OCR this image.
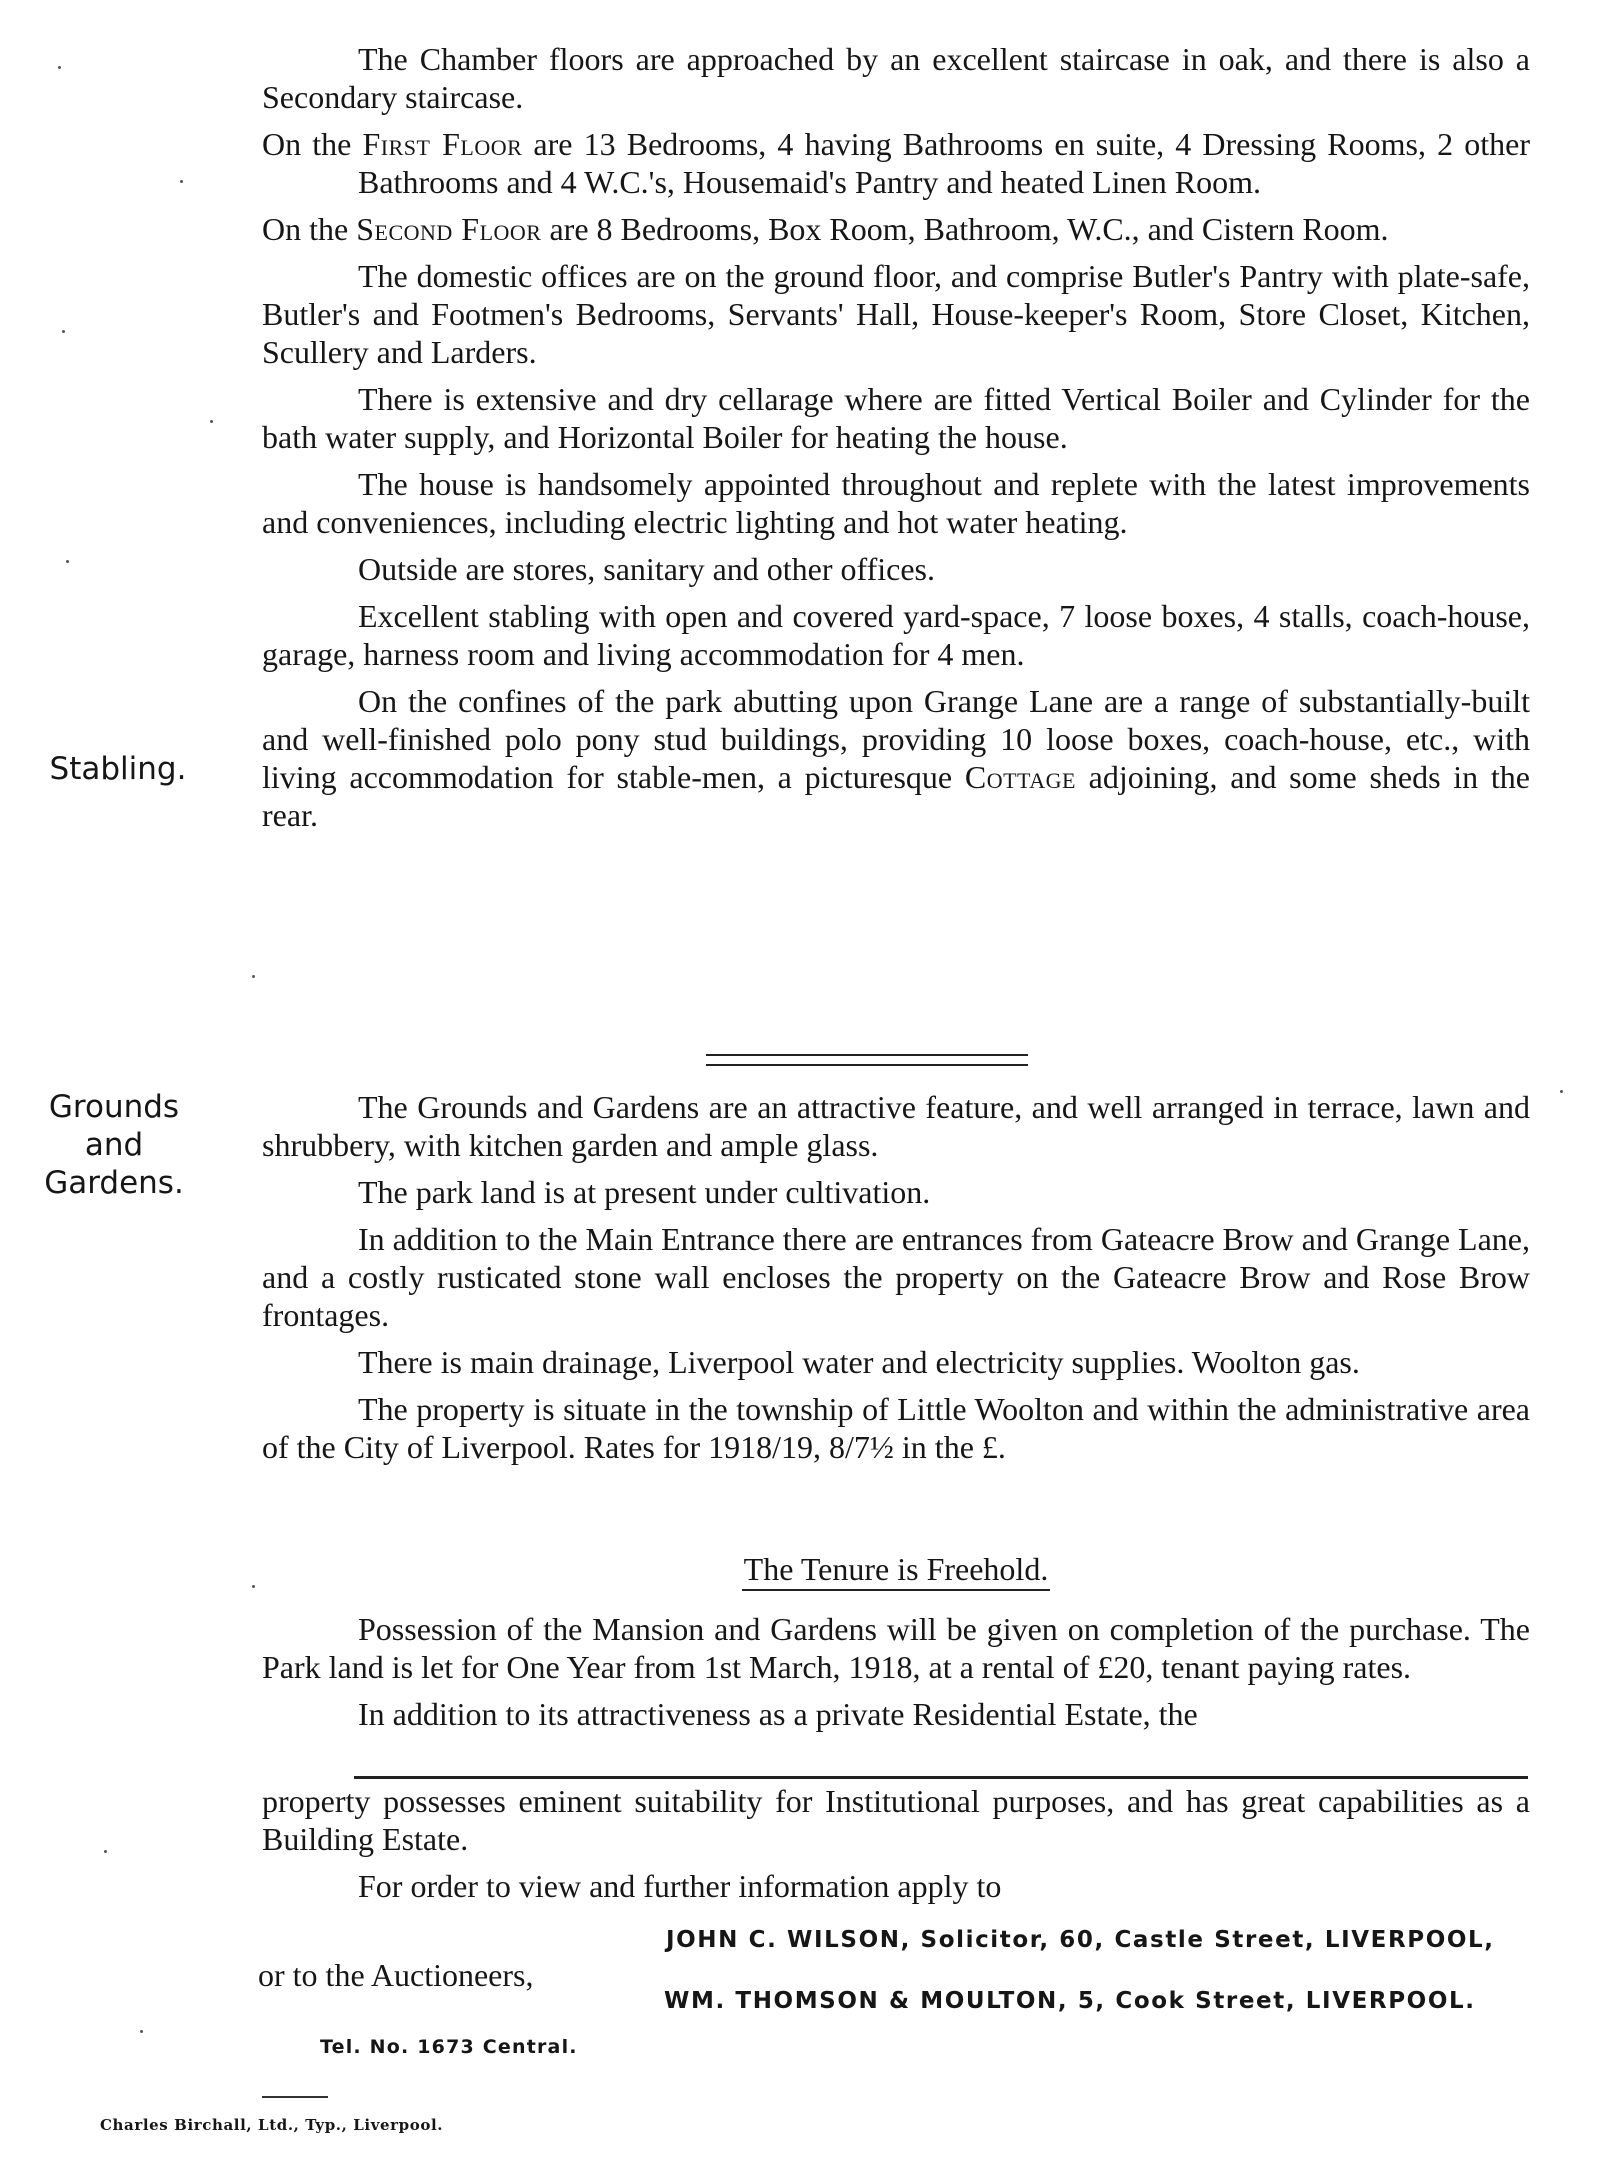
The Chamber floors are approached by an excellent staircase in oak, and there is also a Secondary staircase.

On the First Floor are 13 Bedrooms, 4 having Bathrooms en suite, 4 Dressing Rooms, 2 other Bathrooms and 4 W.C.'s, Housemaid's Pantry and heated Linen Room.

On the Second Floor are 8 Bedrooms, Box Room, Bathroom, W.C., and Cistern Room.

The domestic offices are on the ground floor, and comprise Butler's Pantry with plate-safe, Butler's and Footmen's Bedrooms, Servants' Hall, House-keeper's Room, Store Closet, Kitchen, Scullery and Larders.

There is extensive and dry cellarage where are fitted Vertical Boiler and Cylinder for the bath water supply, and Horizontal Boiler for heating the house.

The house is handsomely appointed throughout and replete with the latest improvements and conveniences, including electric lighting and hot water heating.

Outside are stores, sanitary and other offices.

Excellent stabling with open and covered yard-space, 7 loose boxes, 4 stalls, coach-house, garage, harness room and living accommodation for 4 men.

On the confines of the park abutting upon Grange Lane are a range of substantially-built and well-finished polo pony stud buildings, providing 10 loose boxes, coach-house, etc., with living accommodation for stable-men, a picturesque Cottage adjoining, and some sheds in the rear.

Stabling.
Grounds
and
Gardens.

The Grounds and Gardens are an attractive feature, and well arranged in terrace, lawn and shrubbery, with kitchen garden and ample glass.

The park land is at present under cultivation.

In addition to the Main Entrance there are entrances from Gateacre Brow and Grange Lane, and a costly rusticated stone wall encloses the property on the Gateacre Brow and Rose Brow frontages.

There is main drainage, Liverpool water and electricity supplies. Woolton gas.

The property is situate in the township of Little Woolton and within the administrative area of the City of Liverpool. Rates for 1918/19, 8/7½ in the £.

The Tenure is Freehold.

Possession of the Mansion and Gardens will be given on completion of the purchase. The Park land is let for One Year from 1st March, 1918, at a rental of £20, tenant paying rates.

In addition to its attractiveness as a private Residential Estate, the

property possesses eminent suitability for Institutional purposes, and has great capabilities as a Building Estate.

For order to view and further information apply to

JOHN C. WILSON, Solicitor, 60, Castle Street, LIVERPOOL,
or to the Auctioneers,
WM. THOMSON & MOULTON, 5, Cook Street, LIVERPOOL.
Tel. No. 1673 Central.
Charles Birchall, Ltd., Typ., Liverpool.
